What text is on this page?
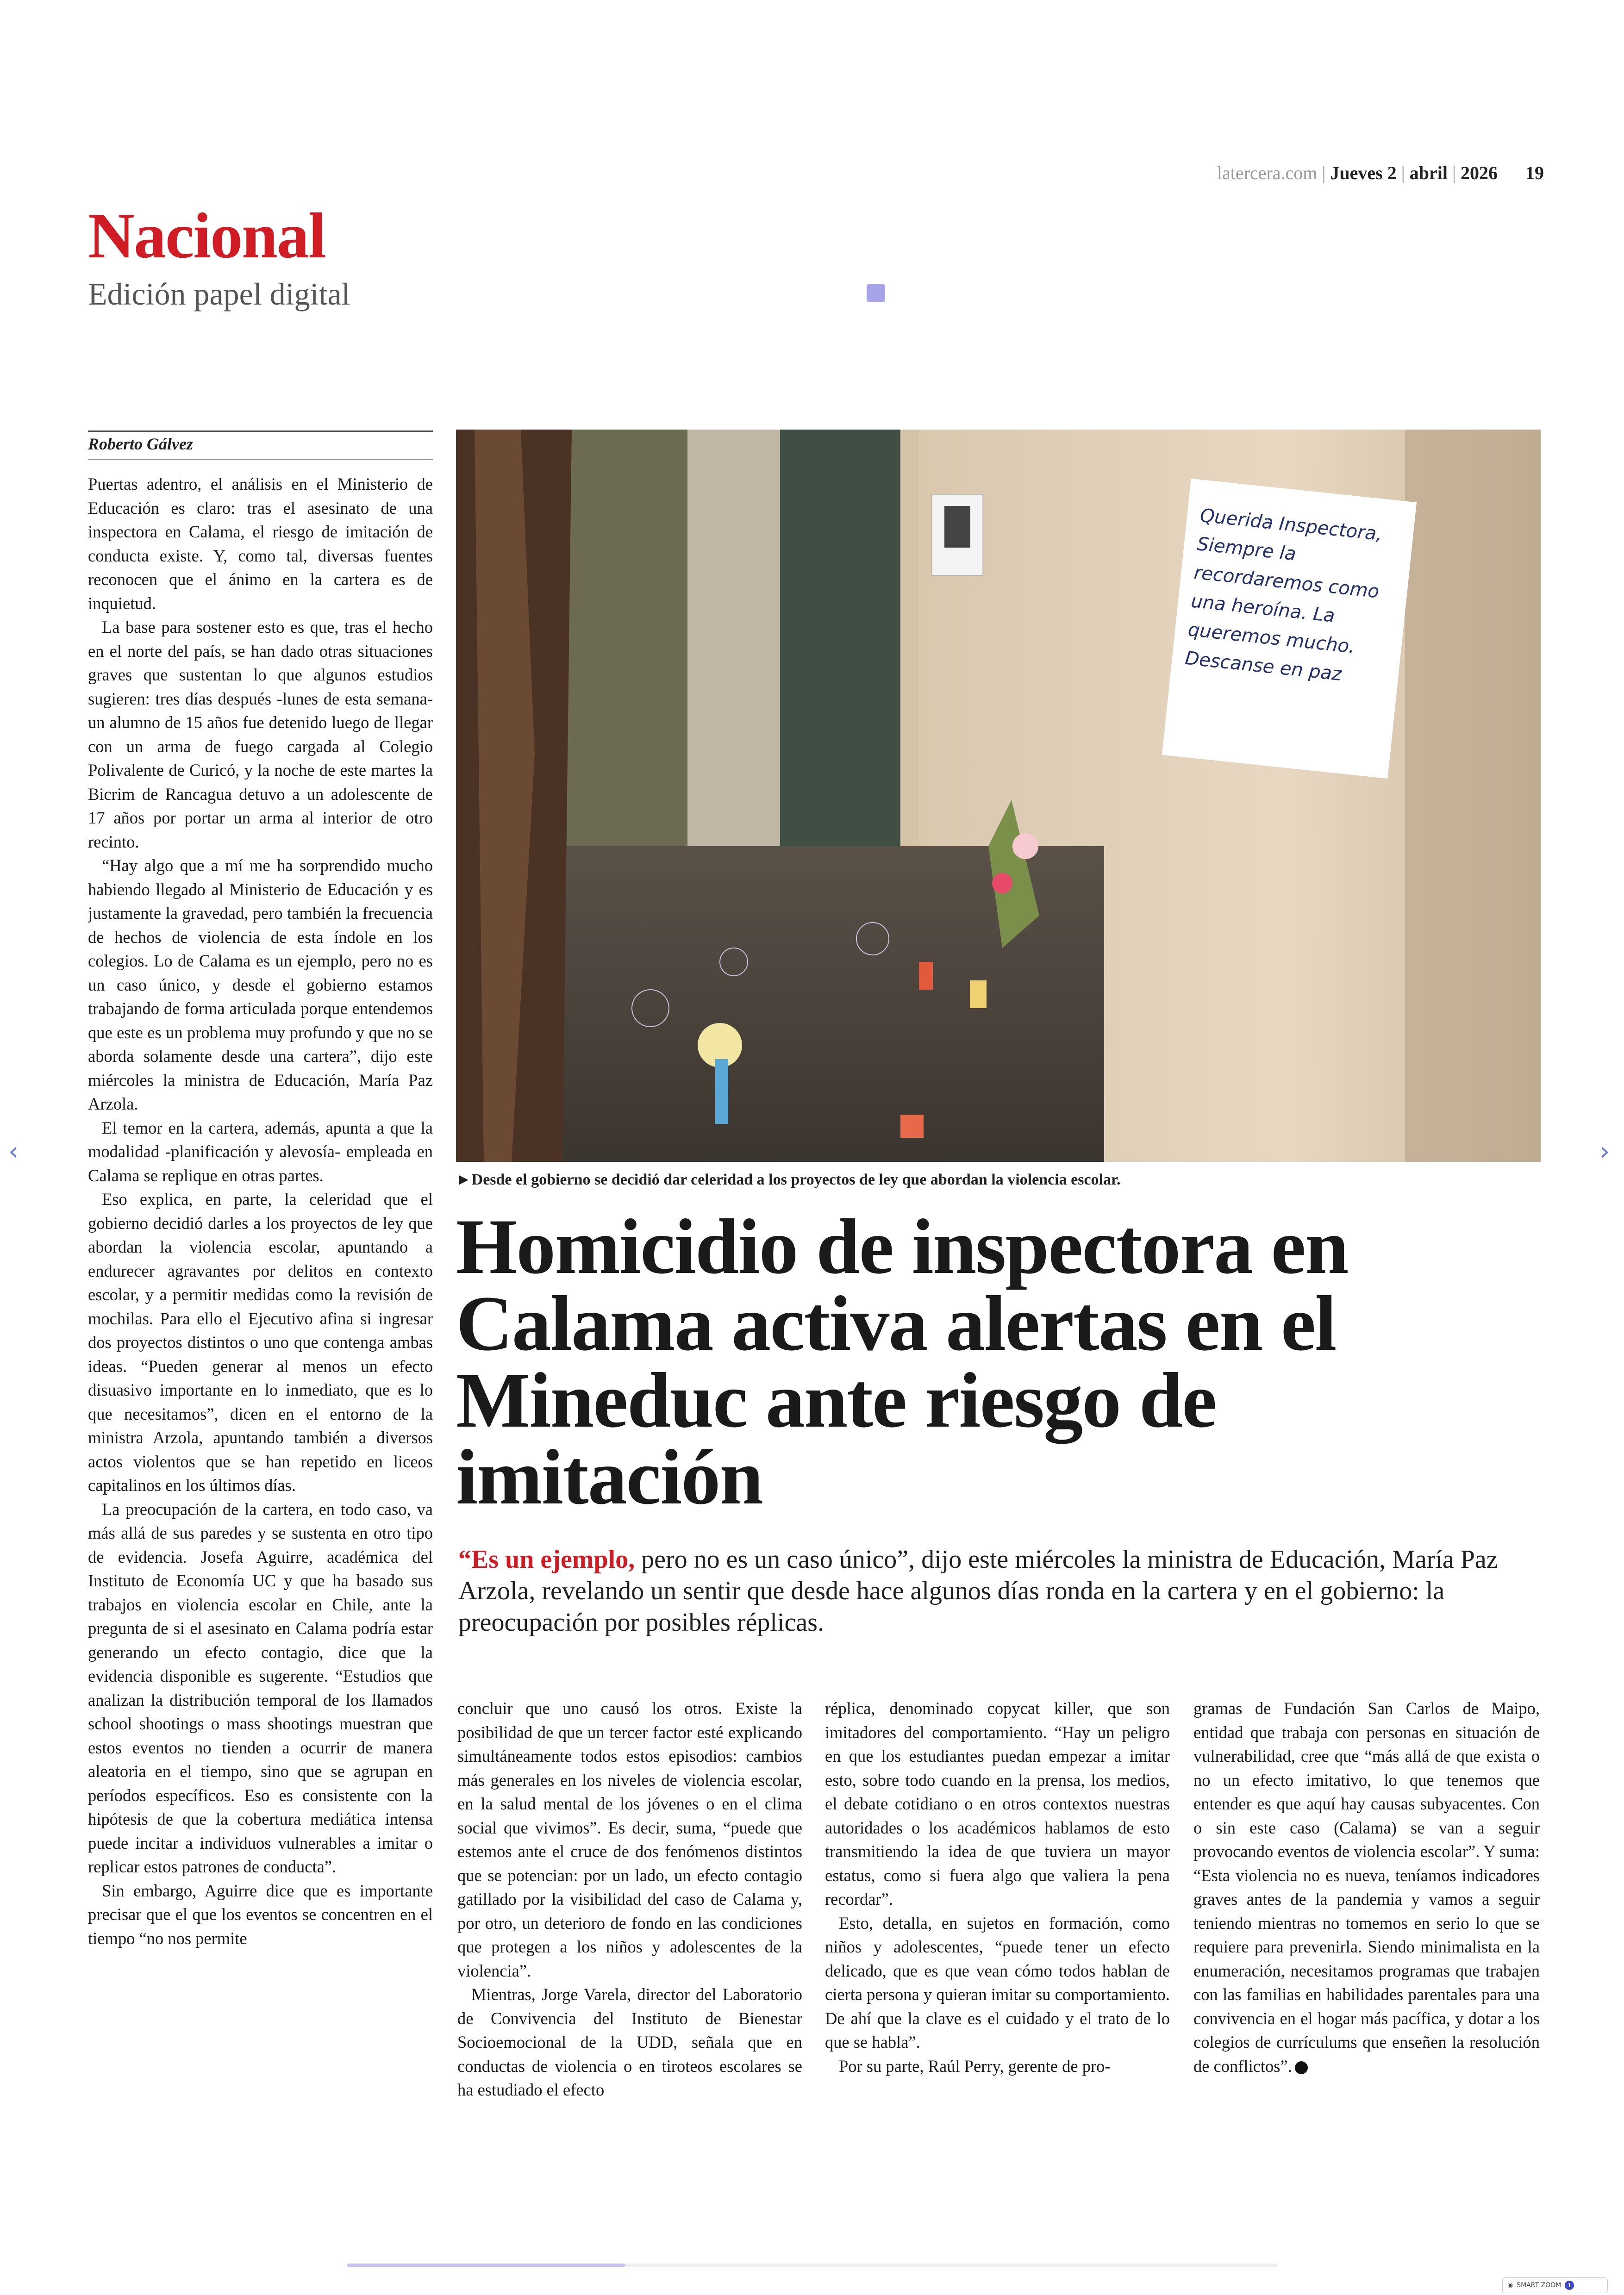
latercera.com | Jueves 2 | abril | 2026 19
Nacional
Edición papel digital
Roberto Gálvez

Puertas adentro, el análisis en el Ministerio de Educación es claro: tras el asesinato de una inspectora en Calama, el riesgo de imitación de conducta existe. Y, como tal, diversas fuentes reconocen que el ánimo en la cartera es de inquietud.

La base para sostener esto es que, tras el hecho en el norte del país, se han dado otras situaciones graves que sustentan lo que algunos estudios sugieren: tres días después -lunes de esta semana- un alumno de 15 años fue detenido luego de llegar con un arma de fuego cargada al Colegio Polivalente de Curicó, y la noche de este martes la Bicrim de Rancagua detuvo a un adolescente de 17 años por portar un arma al interior de otro recinto.

“Hay algo que a mí me ha sorprendido mucho habiendo llegado al Ministerio de Educación y es justamente la gravedad, pero también la frecuencia de hechos de violencia de esta índole en los colegios. Lo de Calama es un ejemplo, pero no es un caso único, y desde el gobierno estamos trabajando de forma articulada porque entendemos que este es un problema muy profundo y que no se aborda solamente desde una cartera”, dijo este miércoles la ministra de Educación, María Paz Arzola.

El temor en la cartera, además, apunta a que la modalidad -planificación y alevosía- empleada en Calama se replique en otras partes.

Eso explica, en parte, la celeridad que el gobierno decidió darles a los proyectos de ley que abordan la violencia escolar, apuntando a endurecer agravantes por delitos en contexto escolar, y a permitir medidas como la revisión de mochilas. Para ello el Ejecutivo afina si ingresar dos proyectos distintos o uno que contenga ambas ideas. “Pueden generar al menos un efecto disuasivo importante en lo inmediato, que es lo que necesitamos”, dicen en el entorno de la ministra Arzola, apuntando también a diversos actos violentos que se han repetido en liceos capitalinos en los últimos días.

La preocupación de la cartera, en todo caso, va más allá de sus paredes y se sustenta en otro tipo de evidencia. Josefa Aguirre, académica del Instituto de Economía UC y que ha basado sus trabajos en violencia escolar en Chile, ante la pregunta de si el asesinato en Calama podría estar generando un efecto contagio, dice que la evidencia disponible es sugerente. “Estudios que analizan la distribución temporal de los llamados school shootings o mass shootings muestran que estos eventos no tienden a ocurrir de manera aleatoria en el tiempo, sino que se agrupan en períodos específicos. Eso es consistente con la hipótesis de que la cobertura mediática intensa puede incitar a individuos vulnerables a imitar o replicar estos patrones de conducta”.

Sin embargo, Aguirre dice que es importante precisar que el que los eventos se concentren en el tiempo “no nos permite

Querida Inspectora, Siempre la recordaremos como una heroína. La queremos mucho. Descanse en paz
►Desde el gobierno se decidió dar celeridad a los proyectos de ley que abordan la violencia escolar.
Homicidio de inspectora en Calama activa alertas en el Mineduc ante riesgo de imitación
“Es un ejemplo, pero no es un caso único”, dijo este miércoles la ministra de Educación, María Paz Arzola, revelando un sentir que desde hace algunos días ronda en la cartera y en el gobierno: la preocupación por posibles réplicas.

concluir que uno causó los otros. Existe la posibilidad de que un tercer factor esté explicando simultáneamente todos estos episodios: cambios más generales en los niveles de violencia escolar, en la salud mental de los jóvenes o en el clima social que vivimos”. Es decir, suma, “puede que estemos ante el cruce de dos fenómenos distintos que se potencian: por un lado, un efecto contagio gatillado por la visibilidad del caso de Calama y, por otro, un deterioro de fondo en las condiciones que protegen a los niños y adolescentes de la violencia”.

Mientras, Jorge Varela, director del Laboratorio de Convivencia del Instituto de Bienestar Socioemocional de la UDD, señala que en conductas de violencia o en tiroteos escolares se ha estudiado el efecto

réplica, denominado copycat killer, que son imitadores del comportamiento. “Hay un peligro en que los estudiantes puedan empezar a imitar esto, sobre todo cuando en la prensa, los medios, el debate cotidiano o en otros contextos nuestras autoridades o los académicos hablamos de esto transmitiendo la idea de que tuviera un mayor estatus, como si fuera algo que valiera la pena recordar”.

Esto, detalla, en sujetos en formación, como niños y adolescentes, “puede tener un efecto delicado, que es que vean cómo todos hablan de cierta persona y quieran imitar su comportamiento. De ahí que la clave es el cuidado y el trato de lo que se habla”.

Por su parte, Raúl Perry, gerente de pro-

gramas de Fundación San Carlos de Maipo, entidad que trabaja con personas en situación de vulnerabilidad, cree que “más allá de que exista o no un efecto imitativo, lo que tenemos que entender es que aquí hay causas subyacentes. Con o sin este caso (Calama) se van a seguir provocando eventos de violencia escolar”. Y suma: “Esta violencia no es nueva, teníamos indicadores graves antes de la pandemia y vamos a seguir teniendo mientras no tomemos en serio lo que se requiere para prevenirla. Siendo minimalista en la enumeración, necesitamos programas que trabajen con las familias en habilidades parentales para una convivencia en el hogar más pacífica, y dotar a los colegios de currículums que enseñen la resolución de conflictos”.

‹	›
◉ SMART ZOOM	1
